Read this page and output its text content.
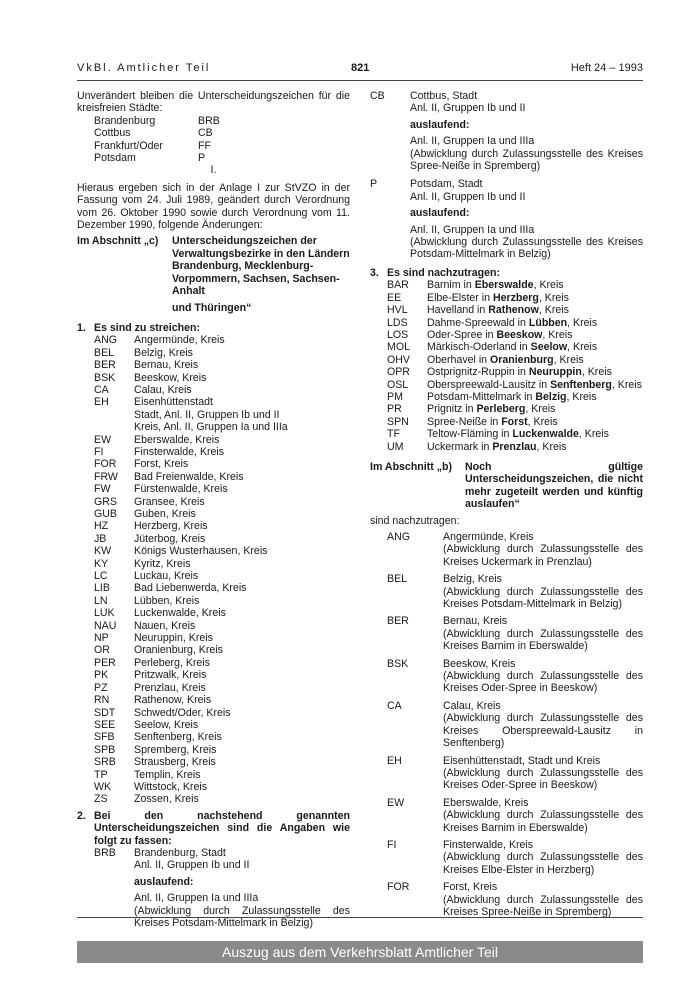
VkBl. Amtlicher Teil	821	Heft 24 – 1993

Unverändert bleiben die Unterscheidungszeichen für die kreisfreien Städte:

Brandenburg	BRB
Cottbus	CB
Frankfurt/Oder	FF
Potsdam	P
I.

Hieraus ergeben sich in der Anlage I zur StVZO in der Fassung vom 24. Juli 1989, geändert durch Verordnung vom 26. Oktober 1990 sowie durch Verordnung vom 11. Dezember 1990, folgende Änderungen:

Im Abschnitt „c)	Unterscheidungszeichen der Verwaltungsbezirke in den Ländern Brandenburg, Mecklenburg-Vorpommern, Sachsen, Sachsen-Anhalt
und Thüringen“
1. Es sind zu streichen:
ANG	Angermünde, Kreis
BEL	Belzig, Kreis
BER	Bernau, Kreis
BSK	Beeskow, Kreis
CA	Calau, Kreis
EH	Eisenhüttenstadt
Stadt, Anl. II, Gruppen Ib und II
Kreis, Anl. II, Gruppen Ia und IIIa
EW	Eberswalde, Kreis
FI	Finsterwalde, Kreis
FOR	Forst, Kreis
FRW	Bad Freienwalde, Kreis
FW	Fürstenwalde, Kreis
GRS	Gransee, Kreis
GUB	Guben, Kreis
HZ	Herzberg, Kreis
JB	Jüterbog, Kreis
KW	Königs Wusterhausen, Kreis
KY	Kyritz, Kreis
LC	Luckau, Kreis
LIB	Bad Liebenwerda, Kreis
LN	Lübben, Kreis
LUK	Luckenwalde, Kreis
NAU	Nauen, Kreis
NP	Neuruppin, Kreis
OR	Oranienburg, Kreis
PER	Perleberg, Kreis
PK	Pritzwalk, Kreis
PZ	Prenzlau, Kreis
RN	Rathenow, Kreis
SDT	Schwedt/Oder, Kreis
SEE	Seelow, Kreis
SFB	Senftenberg, Kreis
SPB	Spremberg, Kreis
SRB	Strausberg, Kreis
TP	Templin, Kreis
WK	Wittstock, Kreis
ZS	Zossen, Kreis
2. Bei den nachstehend genannten Unterscheidungszeichen sind die Angaben wie folgt zu fassen:
BRB	Brandenburg, Stadt
Anl. II, Gruppen Ib und II
auslaufend:
Anl. II, Gruppen Ia und IIIa
(Abwicklung durch Zulassungsstelle des Kreises Potsdam-Mittelmark in Belzig)
CB	Cottbus, Stadt
Anl. II, Gruppen Ib und II
auslaufend:
Anl. II, Gruppen Ia und IIIa
(Abwicklung durch Zulassungsstelle des Kreises Spree-Neiße in Spremberg)
P	Potsdam, Stadt
Anl. II, Gruppen Ib und II
auslaufend:
Anl. II, Gruppen Ia und IIIa
(Abwicklung durch Zulassungsstelle des Kreises Potsdam-Mittelmark in Belzig)
3. Es sind nachzutragen:
BAR	Barnim in Eberswalde, Kreis
EE	Elbe-Elster in Herzberg, Kreis
HVL	Havelland in Rathenow, Kreis
LDS	Dahme-Spreewald in Lübben, Kreis
LOS	Oder-Spree in Beeskow, Kreis
MOL	Märkisch-Oderland in Seelow, Kreis
OHV	Oberhavel in Oranienburg, Kreis
OPR	Ostprignitz-Ruppin in Neuruppin, Kreis
OSL	Oberspreewald-Lausitz in Senftenberg, Kreis
PM	Potsdam-Mittelmark in Belzig, Kreis
PR	Prignitz in Perleberg, Kreis
SPN	Spree-Neiße in Forst, Kreis
TF	Teltow-Fläming in Luckenwalde, Kreis
UM	Uckermark in Prenzlau, Kreis
Im Abschnitt „b)	Noch gültige Unterscheidungszeichen, die nicht mehr zugeteilt werden und künftig auslaufen“
sind nachzutragen:
ANG	Angermünde, Kreis
(Abwicklung durch Zulassungsstelle des Kreises Uckermark in Prenzlau)
BEL	Belzig, Kreis
(Abwicklung durch Zulassungsstelle des Kreises Potsdam-Mittelmark in Belzig)
BER	Bernau, Kreis
(Abwicklung durch Zulassungsstelle des Kreises Barnim in Eberswalde)
BSK	Beeskow, Kreis
(Abwicklung durch Zulassungsstelle des Kreises Oder-Spree in Beeskow)
CA	Calau, Kreis
(Abwicklung durch Zulassungsstelle des Kreises Oberspreewald-Lausitz in Senftenberg)
EH	Eisenhüttenstadt, Stadt und Kreis
(Abwicklung durch Zulassungsstelle des Kreises Oder-Spree in Beeskow)
EW	Eberswalde, Kreis
(Abwicklung durch Zulassungsstelle des Kreises Barnim in Eberswalde)
FI	Finsterwalde, Kreis
(Abwicklung durch Zulassungsstelle des Kreises Elbe-Elster in Herzberg)
FOR	Forst, Kreis
(Abwicklung durch Zulassungsstelle des Kreises Spree-Neiße in Spremberg)
Auszug aus dem Verkehrsblatt Amtlicher Teil
